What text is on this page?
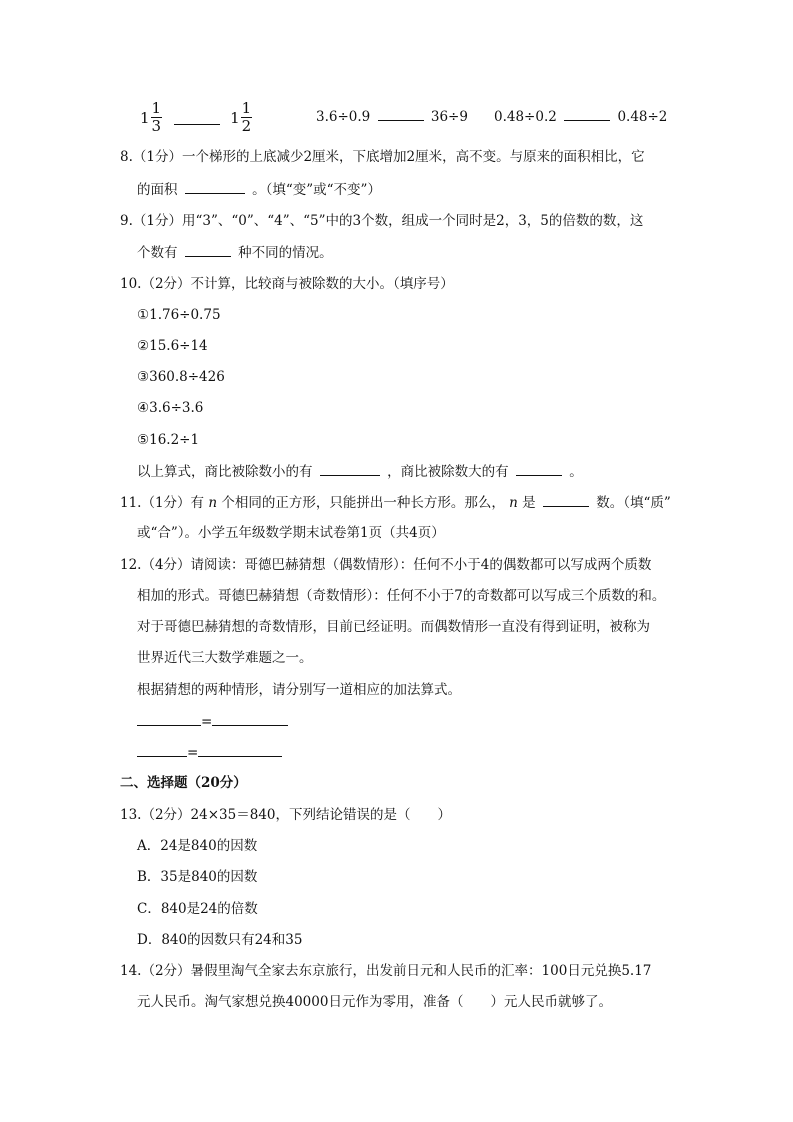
$1 \frac{1}{3}$	$1 \frac{1}{2}$	3.6÷0.9	36÷9 0.48÷0.2	0.48÷2
8.（1分）一个梯形的上底减少2厘米，下底增加2厘米，高不变。与原来的面积相比，它
的面积	。（填“变”或“不变”）
9.（1分）用“3”、“0”、“4”、“5”中的3个数，组成一个同时是2，3，5的倍数的数，这
个数有	种不同的情况。
10.（2分）不计算，比较商与被除数的大小。（填序号）
①1.76÷0.75
②15.6÷14
③360.8÷426
④3.6÷3.6
⑤16.2÷1
以上算式，商比被除数小的有	，商比被除数大的有	。
11.（1分）有 n 个相同的正方形，只能拼出一种长方形。那么， n 是	数。（填“质”
或“合”）。小学五年级数学期末试卷第1页（共4页）
12.（4分）请阅读：哥德巴赫猜想（偶数情形）：任何不小于4的偶数都可以写成两个质数
相加的形式。哥德巴赫猜想（奇数情形）：任何不小于7的奇数都可以写成三个质数的和。
对于哥德巴赫猜想的奇数情形，目前已经证明。而偶数情形一直没有得到证明，被称为
世界近代三大数学难题之一。
根据猜想的两种情形，请分别写一道相应的加法算式。
=
=
二、选择题（20分）
13.（2分）24×35＝840，下列结论错误的是（　　）
A．24是840的因数
B．35是840的因数
C．840是24的倍数
D．840的因数只有24和35
14.（2分）暑假里淘气全家去东京旅行，出发前日元和人民币的汇率：100日元兑换5.17
元人民币。淘气家想兑换40000日元作为零用，准备（　　）元人民币就够了。
